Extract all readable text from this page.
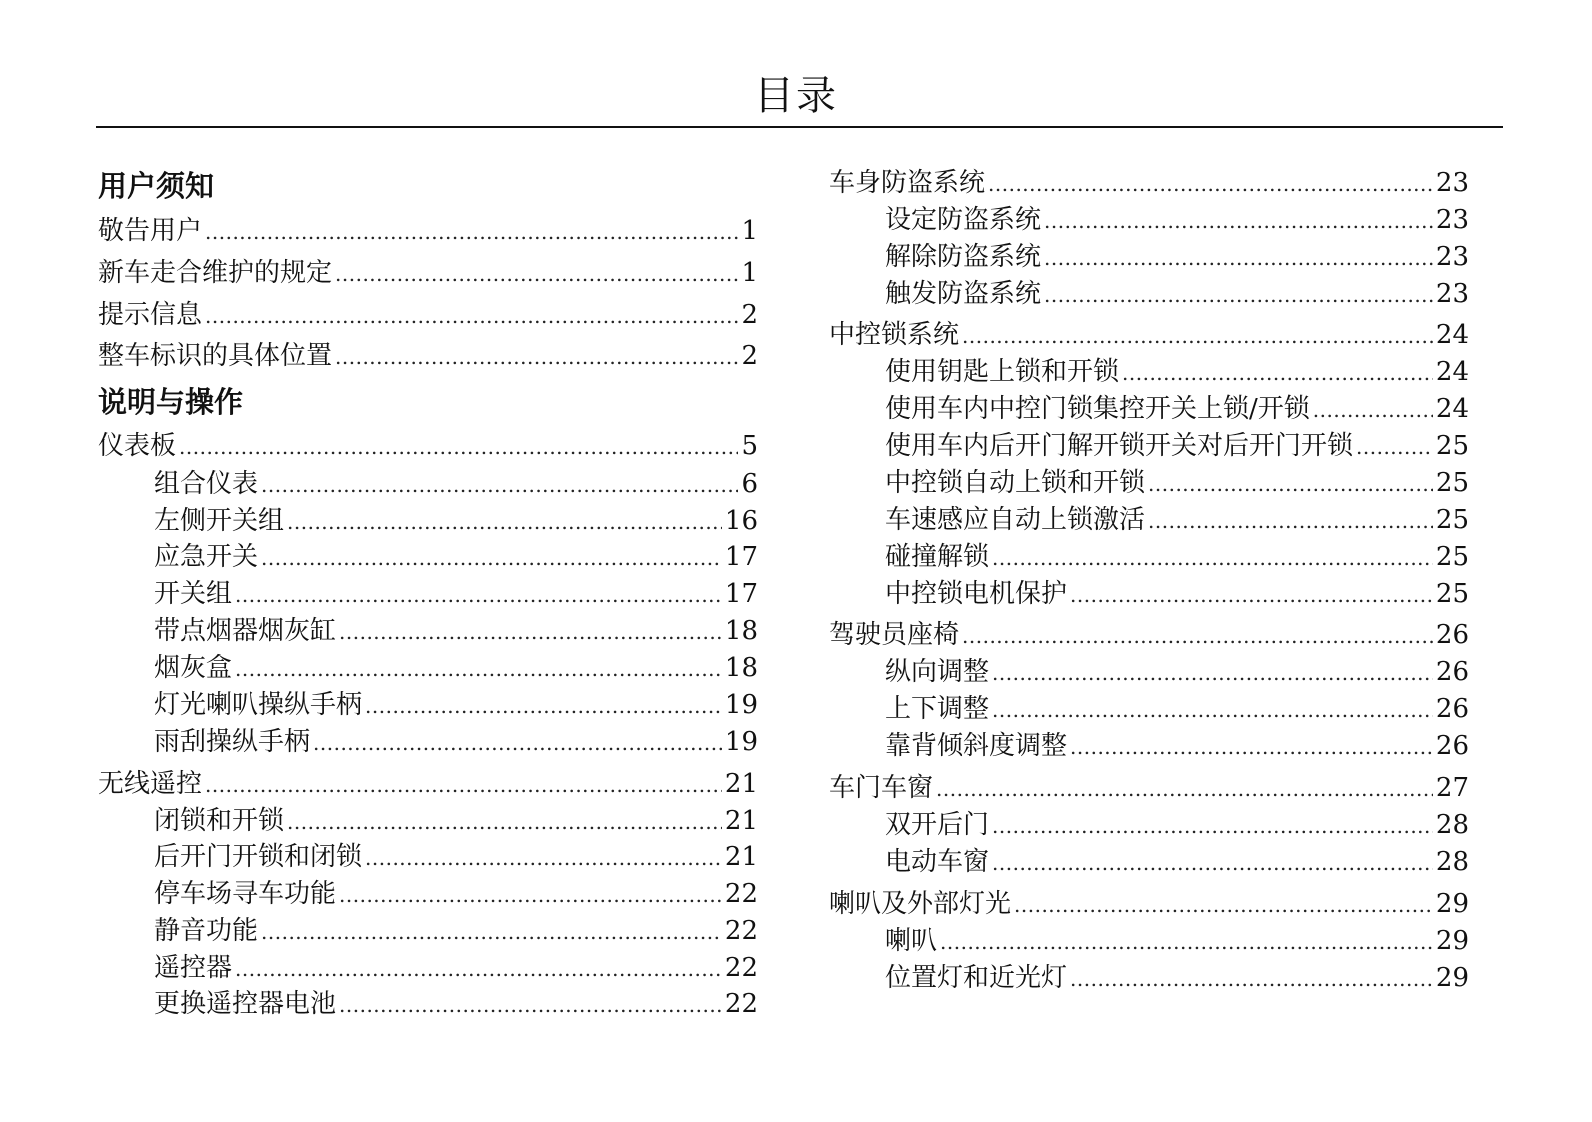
目录
用户须知
敬告用户 .....	1
新车走合维护的规定 .....	1
提示信息 .....	2
整车标识的具体位置 .....	2
说明与操作
仪表板 .....	5
组合仪表 .....	6
左侧开关组 .....	16
应急开关 .....	17
开关组 .....	17
带点烟器烟灰缸 .....	18
烟灰盒 .....	18
灯光喇叭操纵手柄 .....	19
雨刮操纵手柄 .....	19
无线遥控 .....	21
闭锁和开锁 .....	21
后开门开锁和闭锁 .....	21
停车场寻车功能 .....	22
静音功能 .....	22
遥控器 .....	22
更换遥控器电池 .....	22
车身防盗系统 .....	23
设定防盗系统 .....	23
解除防盗系统 .....	23
触发防盗系统 .....	23
中控锁系统 .....	24
使用钥匙上锁和开锁 .....	24
使用车内中控门锁集控开关上锁/开锁 .....	24
使用车内后开门解开锁开关对后开门开锁 .....	25
中控锁自动上锁和开锁 .....	25
车速感应自动上锁激活 .....	25
碰撞解锁 .....	25
中控锁电机保护 .....	25
驾驶员座椅 .....	26
纵向调整 .....	26
上下调整 .....	26
靠背倾斜度调整 .....	26
车门车窗 .....	27
双开后门 .....	28
电动车窗 .....	28
喇叭及外部灯光 .....	29
喇叭 .....	29
位置灯和近光灯 .....	29
